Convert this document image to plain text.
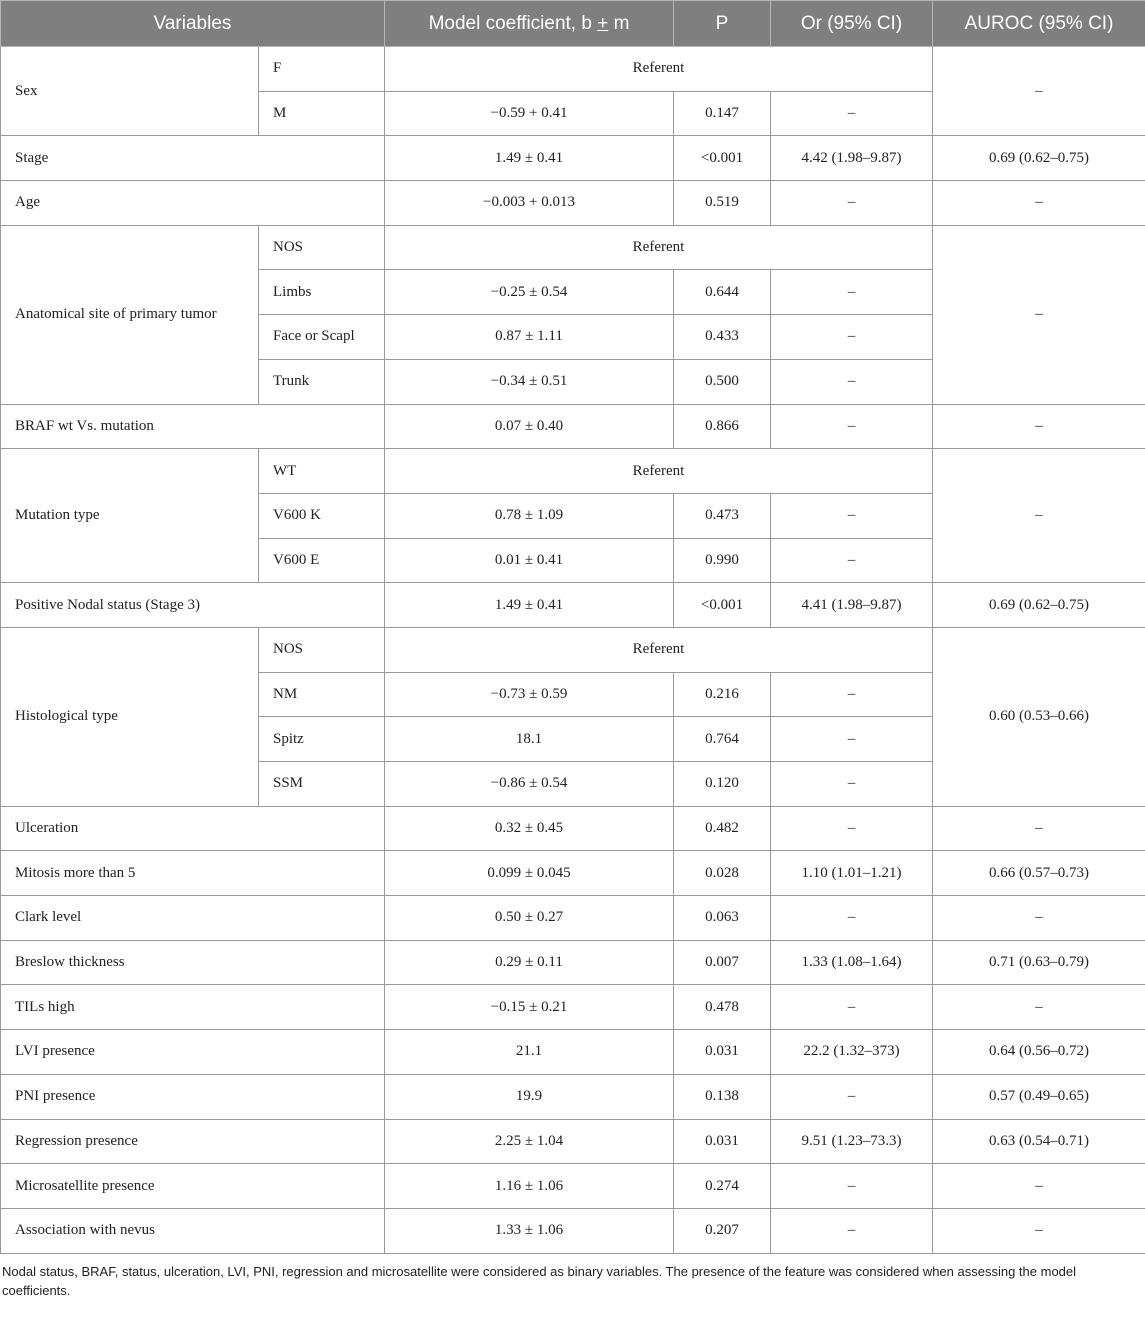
Variables		Model coefficient, b + m	P	Or (95% CI)	AUROC (95% CI)
Sex	F	Referent			–
	M	−0.59 + 0.41	0.147	–	
Stage		1.49 ± 0.41	<0.001	4.42 (1.98–9.87)	0.69 (0.62–0.75)
Age		−0.003 + 0.013	0.519	–	–
Anatomical site of primary tumor	NOS	Referent			–
	Limbs	−0.25 ± 0.54	0.644	–	
	Face or Scapl	0.87 ± 1.11	0.433	–	
	Trunk	−0.34 ± 0.51	0.500	–	
BRAF wt Vs. mutation		0.07 ± 0.40	0.866	–	–
Mutation type	WT	Referent			–
	V600 K	0.78 ± 1.09	0.473	–	
	V600 E	0.01 ± 0.41	0.990	–	
Positive Nodal status (Stage 3)		1.49 ± 0.41	<0.001	4.41 (1.98–9.87)	0.69 (0.62–0.75)
Histological type	NOS	Referent			0.60 (0.53–0.66)
	NM	−0.73 ± 0.59	0.216	–	
	Spitz	18.1	0.764	–	
	SSM	−0.86 ± 0.54	0.120	–	
Ulceration		0.32 ± 0.45	0.482	–	–
Mitosis more than 5		0.099 ± 0.045	0.028	1.10 (1.01–1.21)	0.66 (0.57–0.73)
Clark level		0.50 ± 0.27	0.063	–	–
Breslow thickness		0.29 ± 0.11	0.007	1.33 (1.08–1.64)	0.71 (0.63–0.79)
TILs high		−0.15 ± 0.21	0.478	–	–
LVI presence		21.1	0.031	22.2 (1.32–373)	0.64 (0.56–0.72)
PNI presence		19.9	0.138	–	0.57 (0.49–0.65)
Regression presence		2.25 ± 1.04	0.031	9.51 (1.23–73.3)	0.63 (0.54–0.71)
Microsatellite presence		1.16 ± 1.06	0.274	–	–
Association with nevus		1.33 ± 1.06	0.207	–	–
Nodal status, BRAF, status, ulceration, LVI, PNI, regression and microsatellite were considered as binary variables. The presence of the feature was considered when assessing the model coefficients.
